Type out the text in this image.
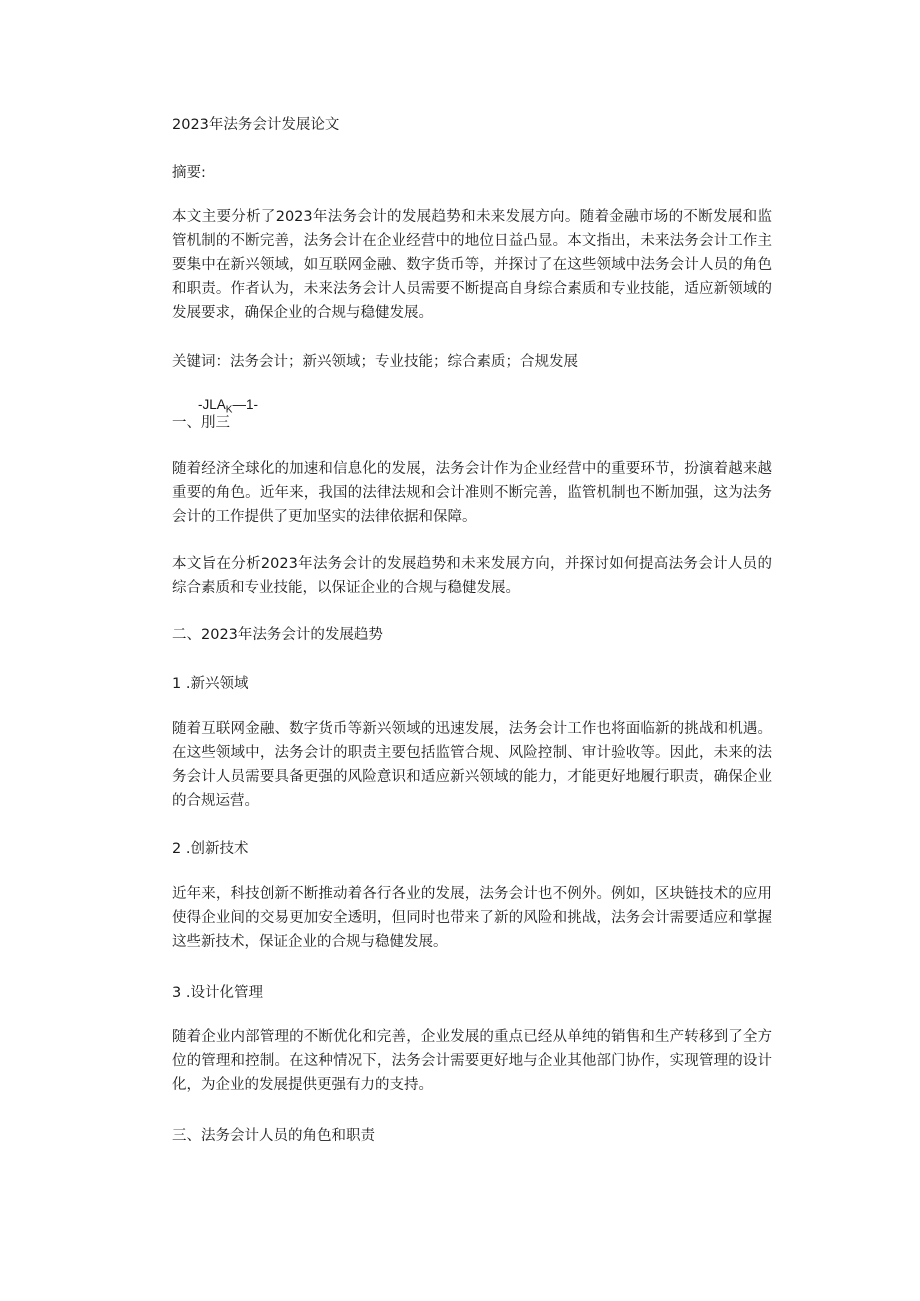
2023年法务会计发展论文
摘要:
本文主要分析了2023年法务会计的发展趋势和未来发展方向。随着金融市场的不断发展和监管机制的不断完善，法务会计在企业经营中的地位日益凸显。本文指出，未来法务会计工作主要集中在新兴领域，如互联网金融、数字货币等，并探讨了在这些领域中法务会计人员的角色和职责。作者认为，未来法务会计人员需要不断提高自身综合素质和专业技能，适应新领域的发展要求，确保企业的合规与稳健发展。
关键词：法务会计；新兴领域；专业技能；综合素质；合规发展
$-JLA_K—1-$
一、刖三
随着经济全球化的加速和信息化的发展，法务会计作为企业经营中的重要环节，扮演着越来越重要的角色。近年来，我国的法律法规和会计准则不断完善，监管机制也不断加强，这为法务会计的工作提供了更加坚实的法律依据和保障。
本文旨在分析2023年法务会计的发展趋势和未来发展方向，并探讨如何提高法务会计人员的综合素质和专业技能，以保证企业的合规与稳健发展。
二、2023年法务会计的发展趋势
1 .新兴领域
随着互联网金融、数字货币等新兴领域的迅速发展，法务会计工作也将面临新的挑战和机遇。在这些领域中，法务会计的职责主要包括监管合规、风险控制、审计验收等。因此，未来的法务会计人员需要具备更强的风险意识和适应新兴领域的能力，才能更好地履行职责，确保企业的合规运营。
2 .创新技术
近年来，科技创新不断推动着各行各业的发展，法务会计也不例外。例如，区块链技术的应用使得企业间的交易更加安全透明，但同时也带来了新的风险和挑战，法务会计需要适应和掌握这些新技术，保证企业的合规与稳健发展。
3 .设计化管理
随着企业内部管理的不断优化和完善，企业发展的重点已经从单纯的销售和生产转移到了全方位的管理和控制。在这种情况下，法务会计需要更好地与企业其他部门协作，实现管理的设计化，为企业的发展提供更强有力的支持。
三、法务会计人员的角色和职责
